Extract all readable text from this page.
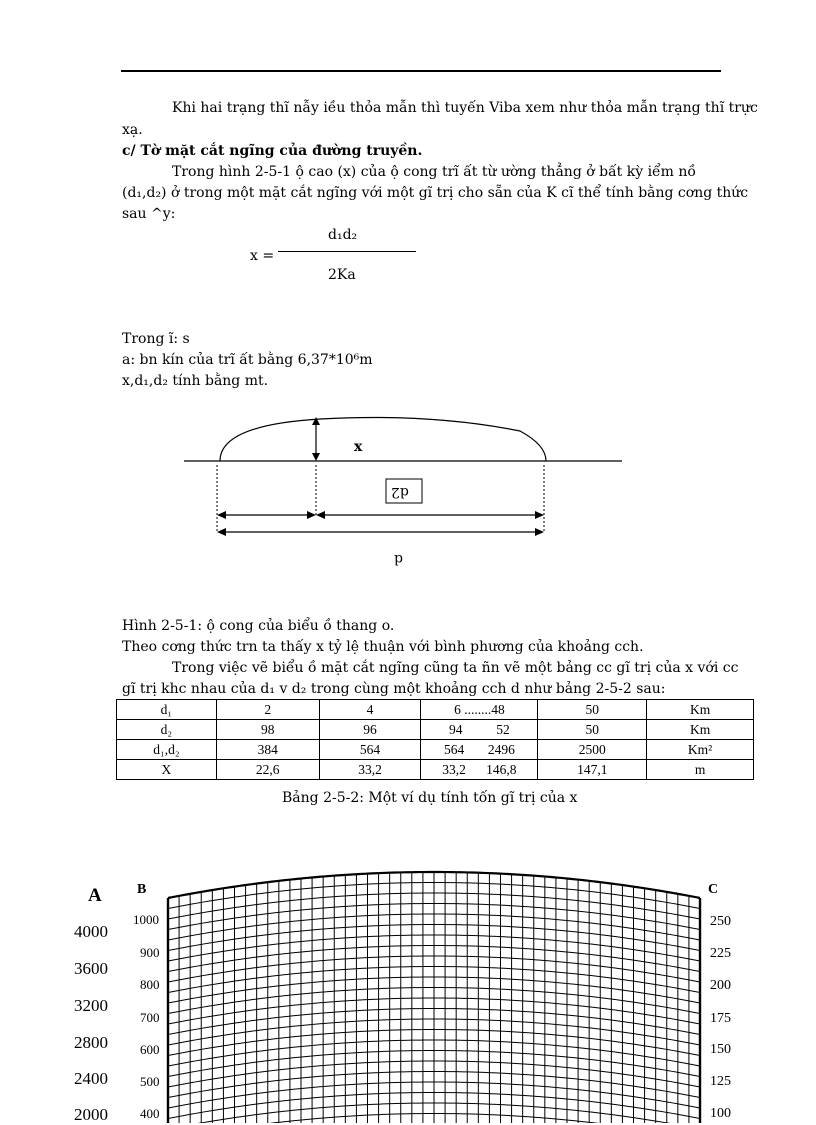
Khi hai trạng thĩ nẫy iều thỏa mẫn thì tuyến Viba xem như thỏa mẫn trạng thĩ trực
xạ.
c/ Tờ mặt cắt ngĩng của đường truyền.
Trong hình 2-5-1 ộ cao (x) của ộ cong trĩ ất từ ường thẳng ở bất kỳ iểm nồ
(d₁,d₂) ở trong một mặt cắt ngĩng với một gĩ trị cho sẵn của K cĩ thể tính bằng cơng thức
sau ^y:
x =
d₁d₂
2Ka
Trong ĩ: s
a: bn kín của trĩ ất bằng 6,37*10⁶m
x,d₁,d₂ tính bằng mt.
x
d2
d
Hình 2-5-1: ộ cong của biểu ồ thang o.
Theo cơng thức trn ta thấy x tỷ lệ thuận với bình phương của khoảng cch.
Trong việc vẽ biểu ồ mặt cắt ngĩng cũng ta ñn vẽ một bảng cc gĩ trị của x với cc
gĩ trị khc nhau của d₁ v d₂ trong cùng một khoảng cch d như bảng 2-5-2 sau:
d₁	2	4	6 ........48	50	Km
d₂	98	96	94          52	50	Km
d₁,d₂	384	564	564       2496	2500	Km²
X	22,6	33,2	33,2      146,8	147,1	m
Bảng 2-5-2: Một ví dụ tính tốn gĩ trị của x
A	B	C
4000
3600
3200
2800
2400
2000
1000
900
800
700
600
500
400
250
225
200
175
150
125
100
